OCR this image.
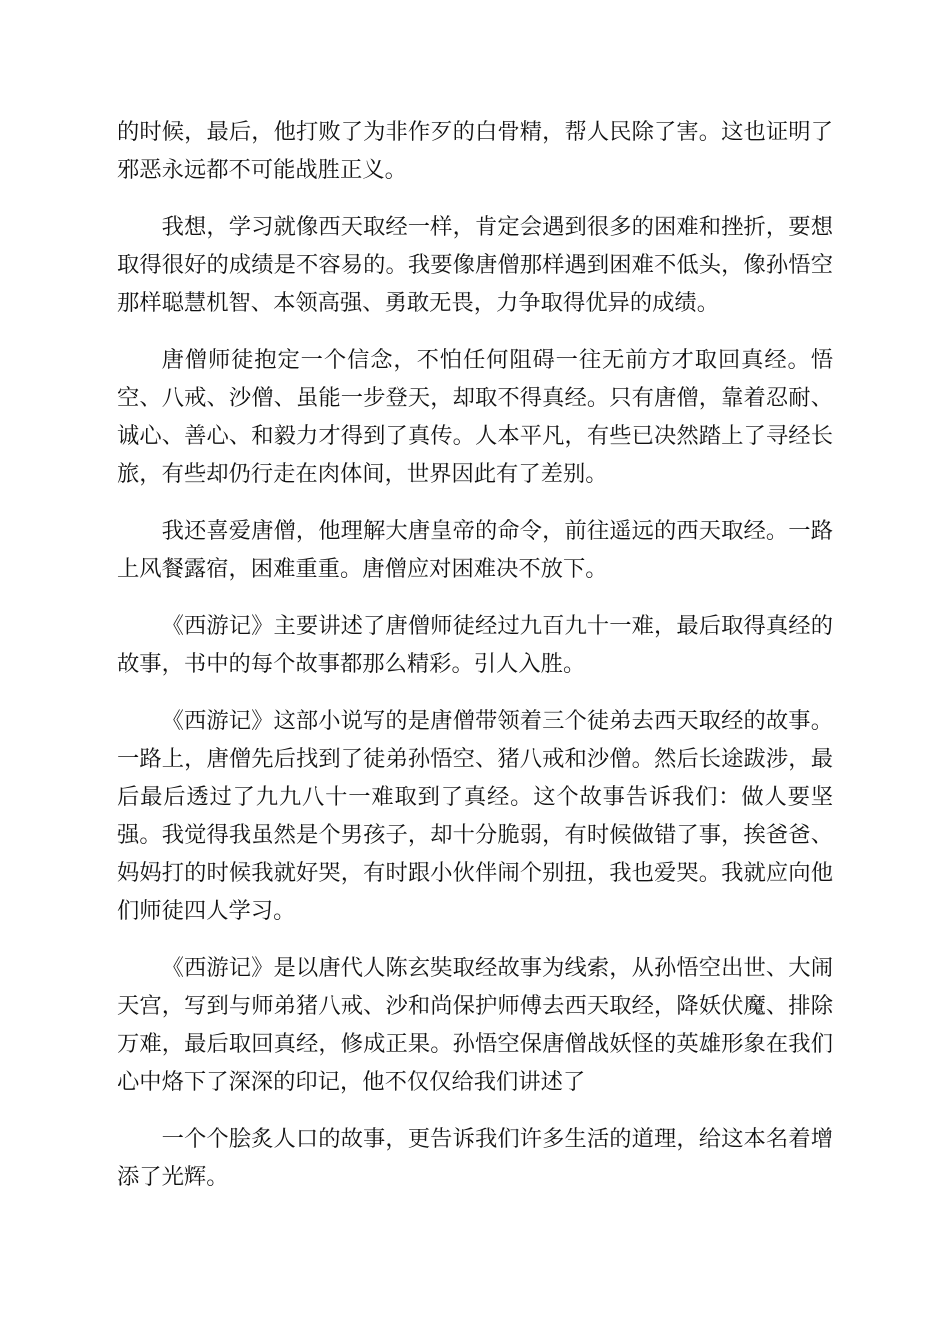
的时候，最后，他打败了为非作歹的白骨精，帮人民除了害。这也证明了邪恶永远都不可能战胜正义。

我想，学习就像西天取经一样，肯定会遇到很多的困难和挫折，要想取得很好的成绩是不容易的。我要像唐僧那样遇到困难不低头，像孙悟空那样聪慧机智、本领高强、勇敢无畏，力争取得优异的成绩。

唐僧师徒抱定一个信念，不怕任何阻碍一往无前方才取回真经。悟空、八戒、沙僧、虽能一步登天，却取不得真经。只有唐僧，靠着忍耐、诚心、善心、和毅力才得到了真传。人本平凡，有些已决然踏上了寻经长旅，有些却仍行走在肉体间，世界因此有了差别。

我还喜爱唐僧，他理解大唐皇帝的命令，前往遥远的西天取经。一路上风餐露宿，困难重重。唐僧应对困难决不放下。

《西游记》主要讲述了唐僧师徒经过九百九十一难，最后取得真经的故事，书中的每个故事都那么精彩。引人入胜。

《西游记》这部小说写的是唐僧带领着三个徒弟去西天取经的故事。一路上，唐僧先后找到了徒弟孙悟空、猪八戒和沙僧。然后长途跋涉，最后最后透过了九九八十一难取到了真经。这个故事告诉我们：做人要坚强。我觉得我虽然是个男孩子，却十分脆弱，有时候做错了事，挨爸爸、妈妈打的时候我就好哭，有时跟小伙伴闹个别扭，我也爱哭。我就应向他们师徒四人学习。

《西游记》是以唐代人陈玄奘取经故事为线索，从孙悟空出世、大闹天宫，写到与师弟猪八戒、沙和尚保护师傅去西天取经，降妖伏魔、排除万难，最后取回真经，修成正果。孙悟空保唐僧战妖怪的英雄形象在我们心中烙下了深深的印记，他不仅仅给我们讲述了

一个个脍炙人口的故事，更告诉我们许多生活的道理，给这本名着增添了光辉。
